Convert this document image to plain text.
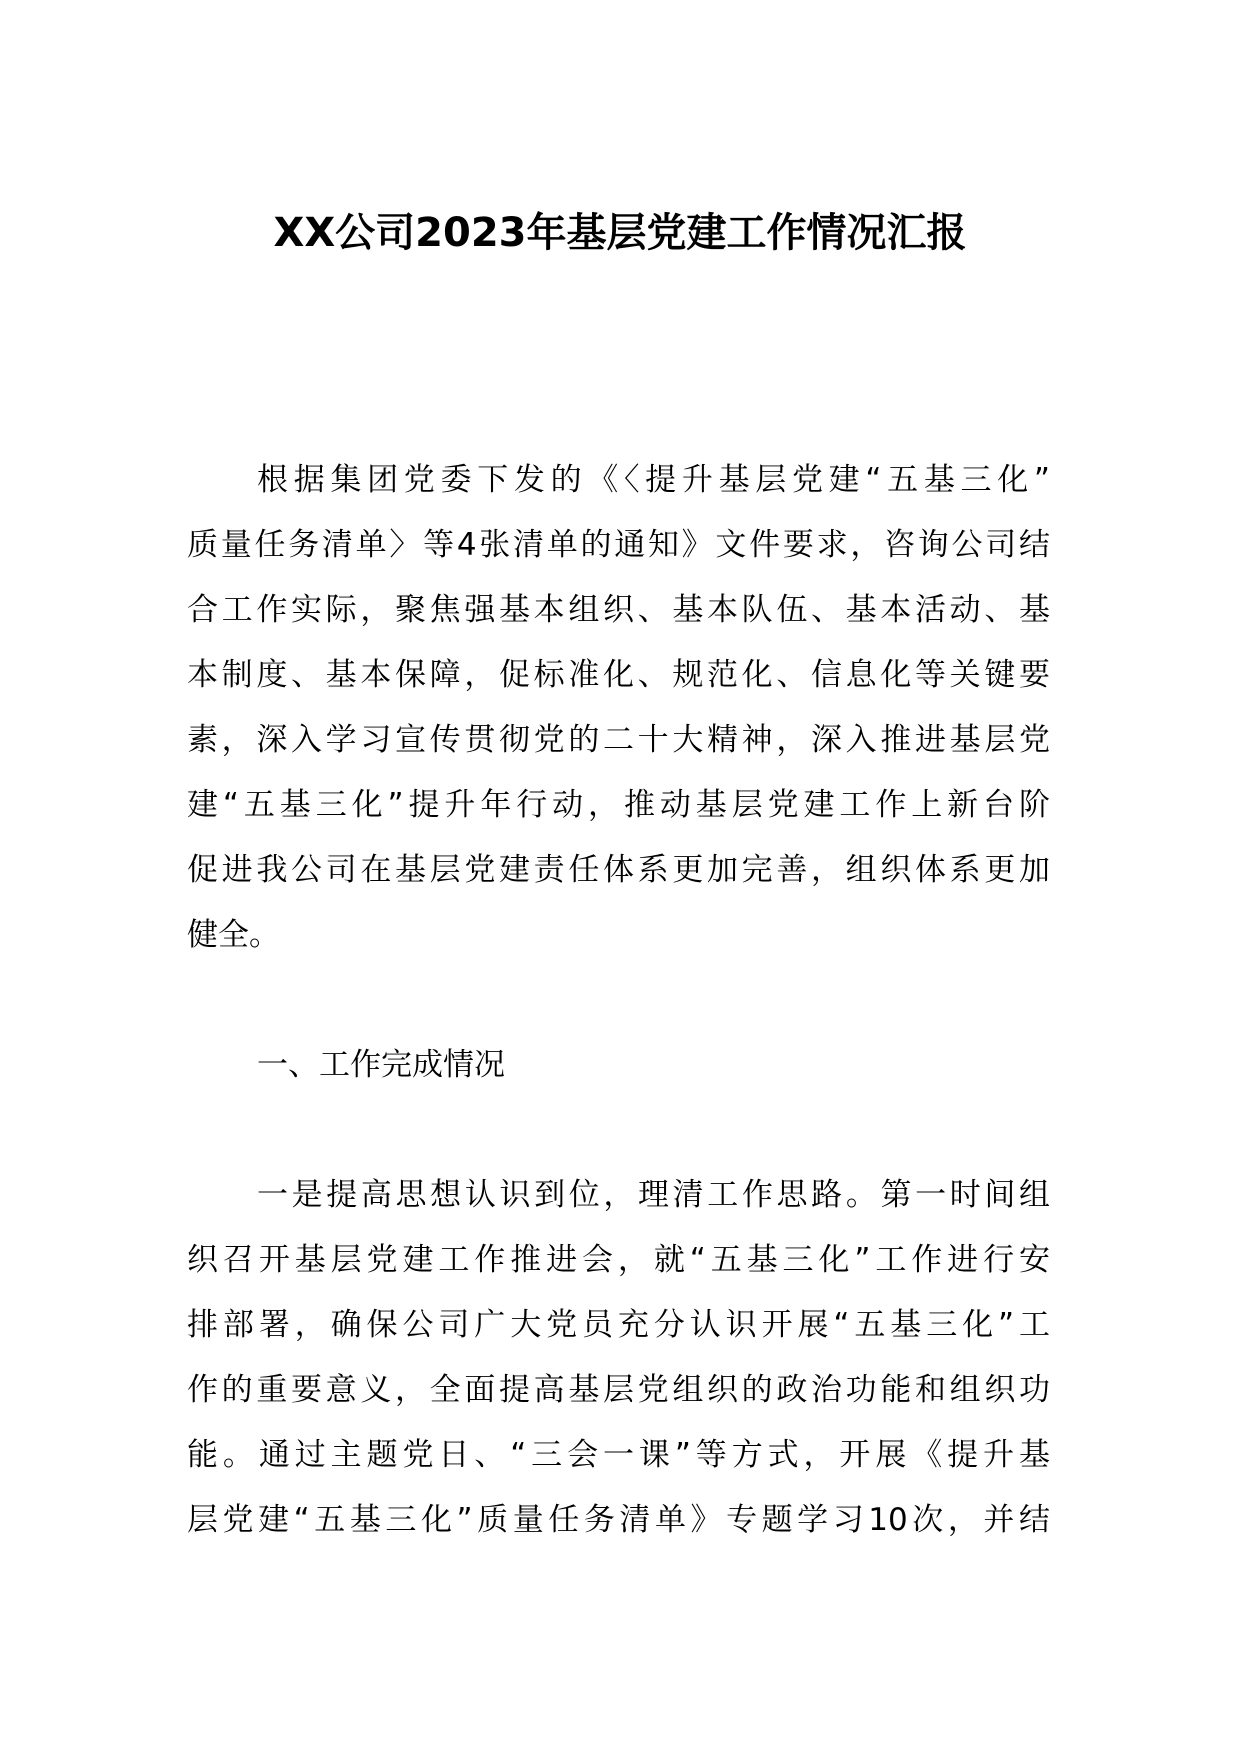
XX公司2023年基层党建工作情况汇报
根据集团党委下发的《〈提升基层党建“五基三化”
质量任务清单〉等4张清单的通知》文件要求，咨询公司结
合工作实际，聚焦强基本组织、基本队伍、基本活动、基
本制度、基本保障，促标准化、规范化、信息化等关键要
素，深入学习宣传贯彻党的二十大精神，深入推进基层党
建“五基三化”提升年行动，推动基层党建工作上新台阶
促进我公司在基层党建责任体系更加完善，组织体系更加
健全。
一、工作完成情况
一是提高思想认识到位，理清工作思路。第一时间组
织召开基层党建工作推进会，就“五基三化”工作进行安
排部署，确保公司广大党员充分认识开展“五基三化”工
作的重要意义，全面提高基层党组织的政治功能和组织功
能。通过主题党日、“三会一课”等方式，开展《提升基
层党建“五基三化”质量任务清单》专题学习10次，并结
